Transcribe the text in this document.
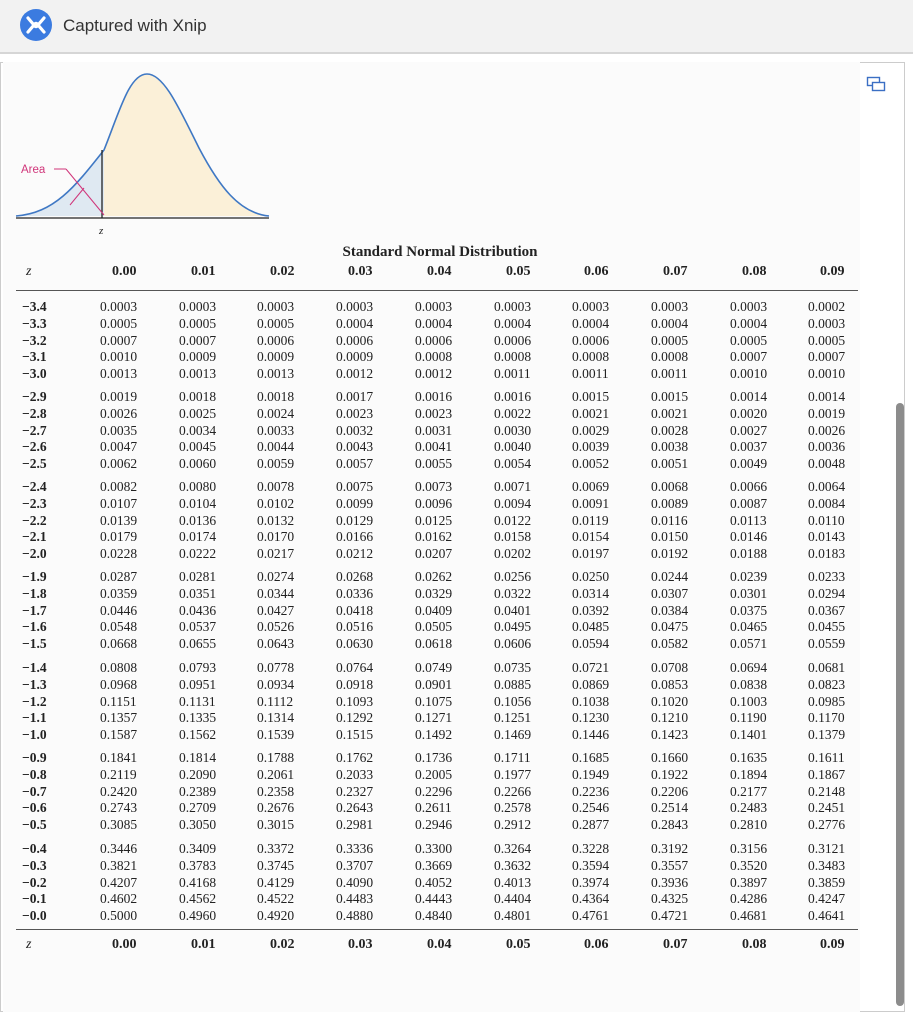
Captured with Xnip
Area
z
Standard Normal Distribution
z	0.00	0.01	0.02	0.03	0.04	0.05	0.06	0.07	0.08	0.09
−3.4	0.0003	0.0003	0.0003	0.0003	0.0003	0.0003	0.0003	0.0003	0.0003	0.0002
−3.3	0.0005	0.0005	0.0005	0.0004	0.0004	0.0004	0.0004	0.0004	0.0004	0.0003
−3.2	0.0007	0.0007	0.0006	0.0006	0.0006	0.0006	0.0006	0.0005	0.0005	0.0005
−3.1	0.0010	0.0009	0.0009	0.0009	0.0008	0.0008	0.0008	0.0008	0.0007	0.0007
−3.0	0.0013	0.0013	0.0013	0.0012	0.0012	0.0011	0.0011	0.0011	0.0010	0.0010
−2.9	0.0019	0.0018	0.0018	0.0017	0.0016	0.0016	0.0015	0.0015	0.0014	0.0014
−2.8	0.0026	0.0025	0.0024	0.0023	0.0023	0.0022	0.0021	0.0021	0.0020	0.0019
−2.7	0.0035	0.0034	0.0033	0.0032	0.0031	0.0030	0.0029	0.0028	0.0027	0.0026
−2.6	0.0047	0.0045	0.0044	0.0043	0.0041	0.0040	0.0039	0.0038	0.0037	0.0036
−2.5	0.0062	0.0060	0.0059	0.0057	0.0055	0.0054	0.0052	0.0051	0.0049	0.0048
−2.4	0.0082	0.0080	0.0078	0.0075	0.0073	0.0071	0.0069	0.0068	0.0066	0.0064
−2.3	0.0107	0.0104	0.0102	0.0099	0.0096	0.0094	0.0091	0.0089	0.0087	0.0084
−2.2	0.0139	0.0136	0.0132	0.0129	0.0125	0.0122	0.0119	0.0116	0.0113	0.0110
−2.1	0.0179	0.0174	0.0170	0.0166	0.0162	0.0158	0.0154	0.0150	0.0146	0.0143
−2.0	0.0228	0.0222	0.0217	0.0212	0.0207	0.0202	0.0197	0.0192	0.0188	0.0183
−1.9	0.0287	0.0281	0.0274	0.0268	0.0262	0.0256	0.0250	0.0244	0.0239	0.0233
−1.8	0.0359	0.0351	0.0344	0.0336	0.0329	0.0322	0.0314	0.0307	0.0301	0.0294
−1.7	0.0446	0.0436	0.0427	0.0418	0.0409	0.0401	0.0392	0.0384	0.0375	0.0367
−1.6	0.0548	0.0537	0.0526	0.0516	0.0505	0.0495	0.0485	0.0475	0.0465	0.0455
−1.5	0.0668	0.0655	0.0643	0.0630	0.0618	0.0606	0.0594	0.0582	0.0571	0.0559
−1.4	0.0808	0.0793	0.0778	0.0764	0.0749	0.0735	0.0721	0.0708	0.0694	0.0681
−1.3	0.0968	0.0951	0.0934	0.0918	0.0901	0.0885	0.0869	0.0853	0.0838	0.0823
−1.2	0.1151	0.1131	0.1112	0.1093	0.1075	0.1056	0.1038	0.1020	0.1003	0.0985
−1.1	0.1357	0.1335	0.1314	0.1292	0.1271	0.1251	0.1230	0.1210	0.1190	0.1170
−1.0	0.1587	0.1562	0.1539	0.1515	0.1492	0.1469	0.1446	0.1423	0.1401	0.1379
−0.9	0.1841	0.1814	0.1788	0.1762	0.1736	0.1711	0.1685	0.1660	0.1635	0.1611
−0.8	0.2119	0.2090	0.2061	0.2033	0.2005	0.1977	0.1949	0.1922	0.1894	0.1867
−0.7	0.2420	0.2389	0.2358	0.2327	0.2296	0.2266	0.2236	0.2206	0.2177	0.2148
−0.6	0.2743	0.2709	0.2676	0.2643	0.2611	0.2578	0.2546	0.2514	0.2483	0.2451
−0.5	0.3085	0.3050	0.3015	0.2981	0.2946	0.2912	0.2877	0.2843	0.2810	0.2776
−0.4	0.3446	0.3409	0.3372	0.3336	0.3300	0.3264	0.3228	0.3192	0.3156	0.3121
−0.3	0.3821	0.3783	0.3745	0.3707	0.3669	0.3632	0.3594	0.3557	0.3520	0.3483
−0.2	0.4207	0.4168	0.4129	0.4090	0.4052	0.4013	0.3974	0.3936	0.3897	0.3859
−0.1	0.4602	0.4562	0.4522	0.4483	0.4443	0.4404	0.4364	0.4325	0.4286	0.4247
−0.0	0.5000	0.4960	0.4920	0.4880	0.4840	0.4801	0.4761	0.4721	0.4681	0.4641
z	0.00	0.01	0.02	0.03	0.04	0.05	0.06	0.07	0.08	0.09
